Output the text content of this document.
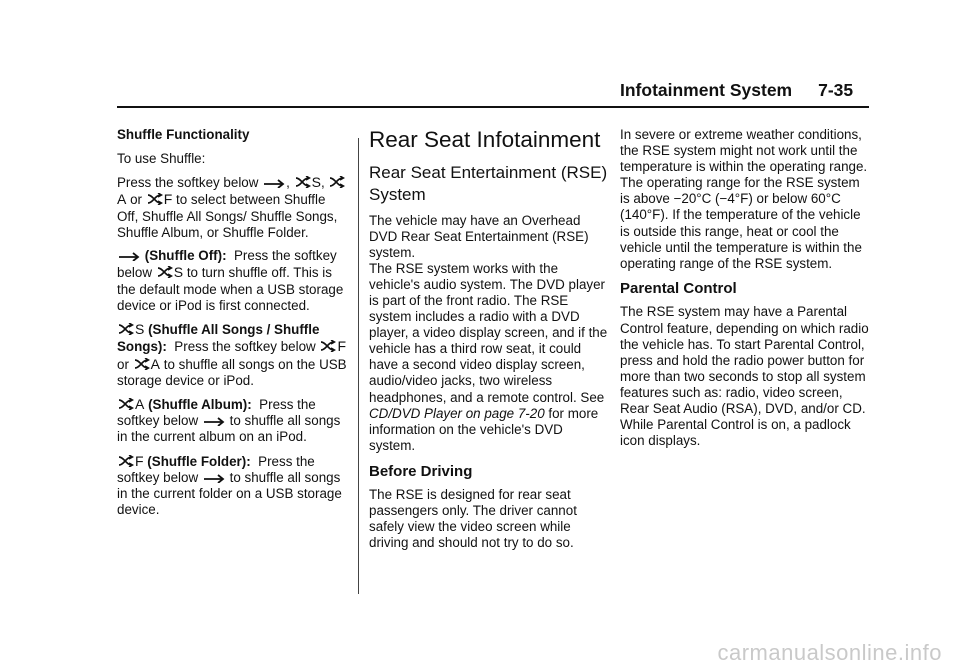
Infotainment System 7-35

Shuffle Functionality

To use Shuffle:

Press the softkey below , S,
A or F to select between Shuffle Off, Shuffle All Songs/ Shuffle Songs, Shuffle Album, or Shuffle Folder.

(Shuffle Off): Press the softkey below S to turn shuffle off. This is the default mode when a USB storage device or iPod is first connected.

S (Shuffle All Songs / Shuffle Songs): Press the softkey below F or A to shuffle all songs on the USB storage device or iPod.

A (Shuffle Album): Press the softkey below to shuffle all songs in the current album on an iPod.

F (Shuffle Folder): Press the softkey below to shuffle all songs in the current folder on a USB storage device.

Rear Seat Infotainment
Rear Seat Entertainment (RSE) System

The vehicle may have an Overhead DVD Rear Seat Entertainment (RSE) system.

The RSE system works with the vehicle's audio system. The DVD player is part of the front radio. The RSE system includes a radio with a DVD player, a video display screen, and if the vehicle has a third row seat, it could have a second video display screen, audio/video jacks, two wireless headphones, and a remote control. See CD/DVD Player on page 7-20 for more information on the vehicle's DVD system.

Before Driving

The RSE is designed for rear seat passengers only. The driver cannot safely view the video screen while driving and should not try to do so.

In severe or extreme weather conditions, the RSE system might not work until the temperature is within the operating range. The operating range for the RSE system is above −20°C (−4°F) or below 60°C (140°F). If the temperature of the vehicle is outside this range, heat or cool the vehicle until the temperature is within the operating range of the RSE system.

Parental Control

The RSE system may have a Parental Control feature, depending on which radio the vehicle has. To start Parental Control, press and hold the radio power button for more than two seconds to stop all system features such as: radio, video screen, Rear Seat Audio (RSA), DVD, and/or CD. While Parental Control is on, a padlock icon displays.

carmanualsonline.info
